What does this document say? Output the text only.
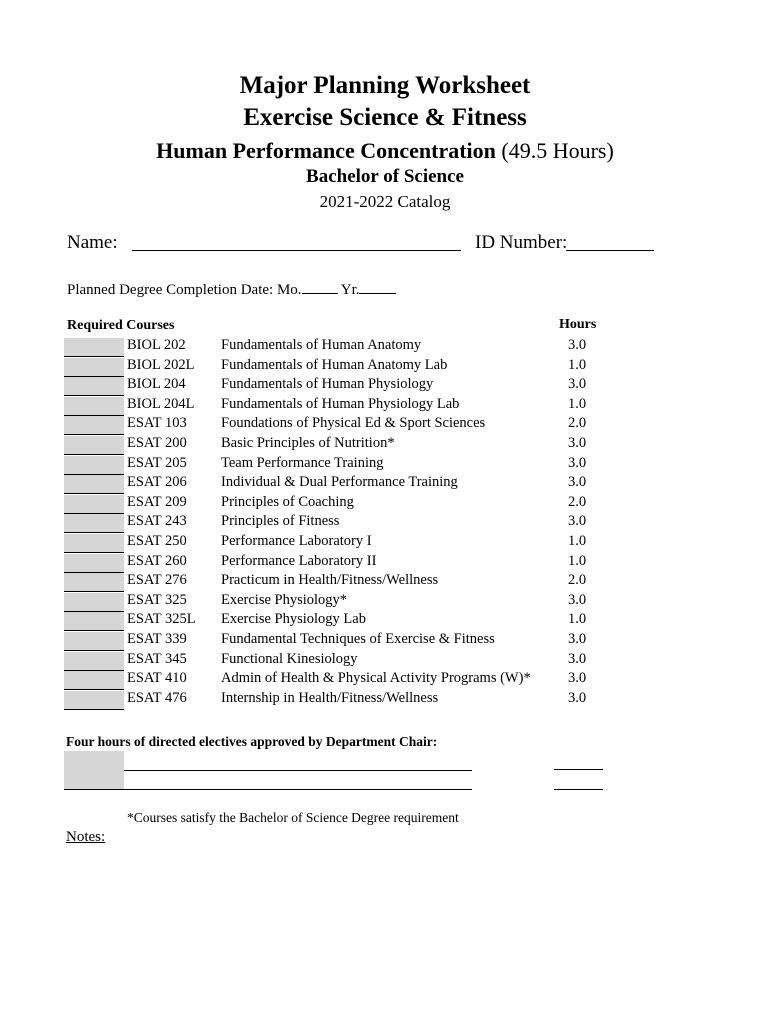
Major Planning Worksheet
Exercise Science & Fitness
Human Performance Concentration (49.5 Hours)
Bachelor of Science
2021-2022 Catalog
Name:	ID Number:
Planned Degree Completion Date: Mo.	Yr.
Required Courses	Hours
BIOL 202 Fundamentals of Human Anatomy	3.0
BIOL 202L Fundamentals of Human Anatomy Lab	1.0
BIOL 204 Fundamentals of Human Physiology	3.0
BIOL 204L Fundamentals of Human Physiology Lab	1.0
ESAT 103 Foundations of Physical Ed & Sport Sciences	2.0
ESAT 200 Basic Principles of Nutrition*	3.0
ESAT 205 Team Performance Training	3.0
ESAT 206 Individual & Dual Performance Training	3.0
ESAT 209 Principles of Coaching	2.0
ESAT 243 Principles of Fitness	3.0
ESAT 250 Performance Laboratory I	1.0
ESAT 260 Performance Laboratory II	1.0
ESAT 276 Practicum in Health/Fitness/Wellness	2.0
ESAT 325 Exercise Physiology*	3.0
ESAT 325L Exercise Physiology Lab	1.0
ESAT 339 Fundamental Techniques of Exercise & Fitness	3.0
ESAT 345 Functional Kinesiology	3.0
ESAT 410 Admin of Health & Physical Activity Programs (W)*	3.0
ESAT 476 Internship in Health/Fitness/Wellness	3.0
Four hours of directed electives approved by Department Chair:
*Courses satisfy the Bachelor of Science Degree requirement
Notes:
